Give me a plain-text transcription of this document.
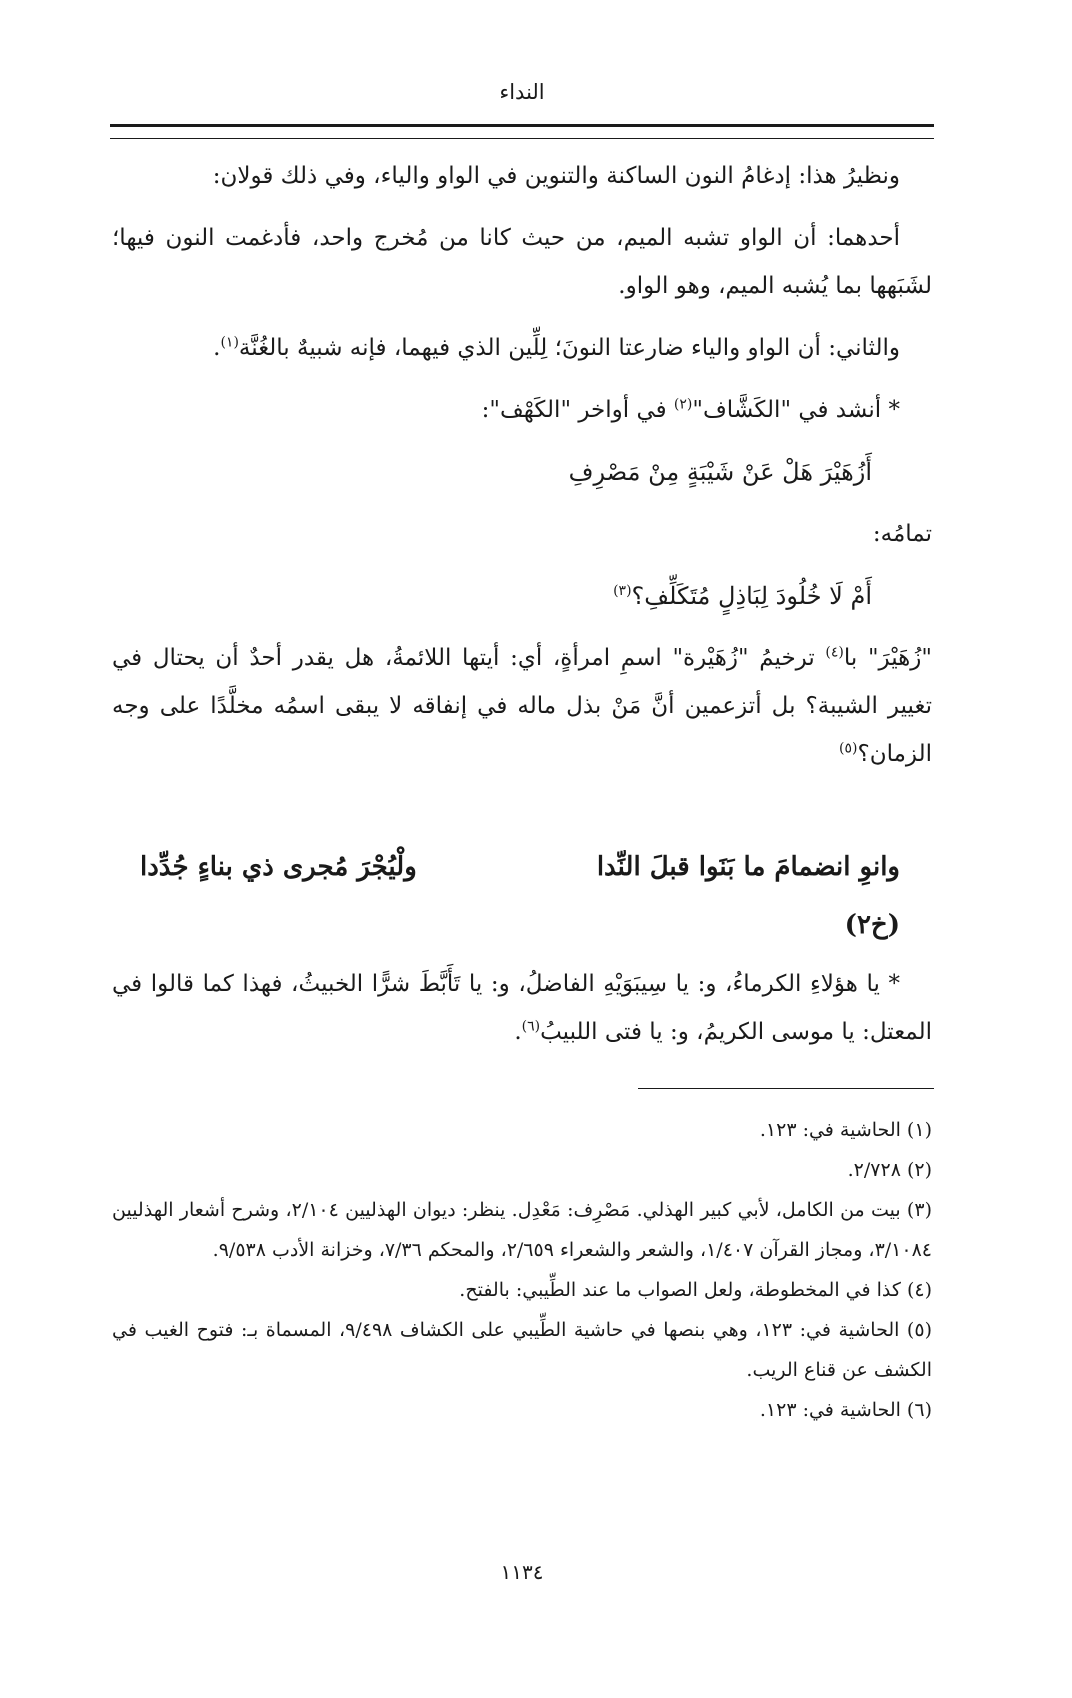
النداء

ونظيرُ هذا: إدغامُ النون الساكنة والتنوين في الواو والياء، وفي ذلك قولان:

أحدهما: أن الواو تشبه الميم، من حيث كانا من مُخرج واحد، فأدغمت النون فيها؛ لشَبَهها بما يُشبه الميم، وهو الواو.

والثاني: أن الواو والياء ضارعتا النونَ؛ لِلِّين الذي فيهما، فإنه شبيهٌ بالغُنَّة$^{(١)}$.

* أنشد في "الكَشَّاف"$^{(٢)}$ في أواخر "الكَهْف":

أَزُهَيْرَ هَلْ عَنْ شَيْبَةٍ مِنْ مَصْرِفِ

تمامُه:

أَمْ لَا خُلُودَ لِبَاذِلٍ مُتَكَلِّفِ؟$^{(٣)}$

"زُهَيْرَ" با$^{(٤)}$ ترخيمُ "زُهَيْرة" اسمِ امرأةٍ، أي: أيتها اللائمةُ، هل يقدر أحدٌ أن يحتال في تغيير الشيبة؟ بل أتزعمين أنَّ مَنْ بذل ماله في إنفاقه لا يبقى اسمُه مخلَّدًا على وجه الزمان؟$^{(٥)}$

وانوِ انضمامَ ما بَنَوا قبلَ النِّدا
ولْيُجْرَ مُجرى ذي بناءٍ جُدِّدا
(خ٢)

* يا هؤلاءِ الكرماءُ، و: يا سِيبَوَيْهِ الفاضلُ، و: يا تَأَبَّطَ شرًّا الخبيثُ، فهذا كما قالوا في المعتل: يا موسى الكريمُ، و: يا فتى اللبيبُ$^{(٦)}$.

(١) الحاشية في: ١٢٣.

(٢) ٢/٧٢٨.

(٣) بيت من الكامل، لأبي كبير الهذلي. مَصْرِف: مَعْدِل. ينظر: ديوان الهذليين ٢/١٠٤، وشرح أشعار الهذليين ٣/١٠٨٤، ومجاز القرآن ١/٤٠٧، والشعر والشعراء ٢/٦٥٩، والمحكم ٧/٣٦، وخزانة الأدب ٩/٥٣٨.

(٤) كذا في المخطوطة، ولعل الصواب ما عند الطِّيبي: بالفتح.

(٥) الحاشية في: ١٢٣، وهي بنصها في حاشية الطِّيبي على الكشاف ٩/٤٩٨، المسماة بـ: فتوح الغيب في الكشف عن قناع الريب.

(٦) الحاشية في: ١٢٣.

١١٣٤
